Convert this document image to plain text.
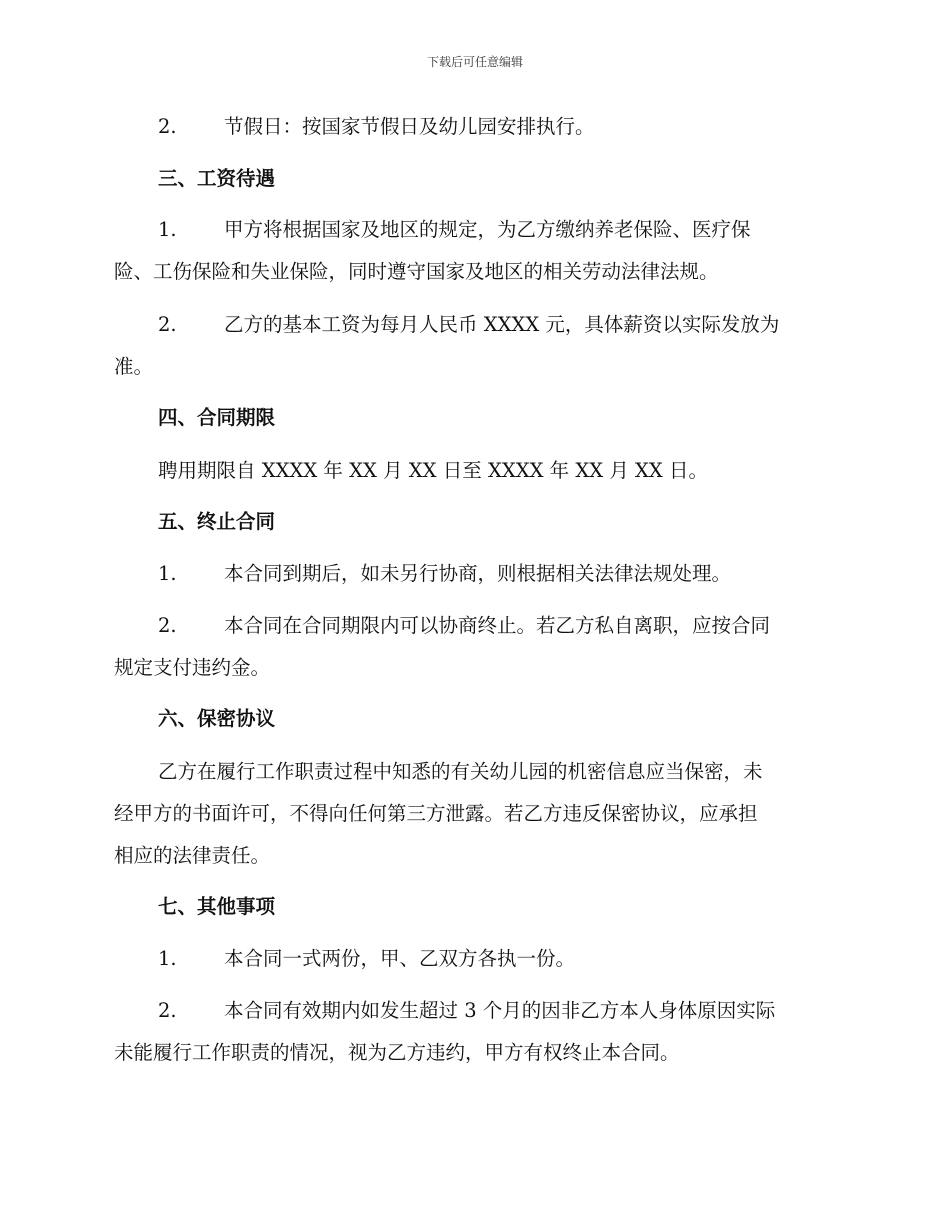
下载后可任意编辑
2. 节假日：按国家节假日及幼儿园安排执行。
三、工资待遇
1. 甲方将根据国家及地区的规定，为乙方缴纳养老保险、医疗保
险、工伤保险和失业保险，同时遵守国家及地区的相关劳动法律法规。
2. 乙方的基本工资为每月人民币 XXXX 元，具体薪资以实际发放为
准。
四、合同期限
聘用期限自 XXXX 年 XX 月 XX 日至 XXXX 年 XX 月 XX 日。
五、终止合同
1. 本合同到期后，如未另行协商，则根据相关法律法规处理。
2. 本合同在合同期限内可以协商终止。若乙方私自离职，应按合同
规定支付违约金。
六、保密协议
乙方在履行工作职责过程中知悉的有关幼儿园的机密信息应当保密，未
经甲方的书面许可，不得向任何第三方泄露。若乙方违反保密协议，应承担
相应的法律责任。
七、其他事项
1. 本合同一式两份，甲、乙双方各执一份。
2. 本合同有效期内如发生超过 3 个月的因非乙方本人身体原因实际
未能履行工作职责的情况，视为乙方违约，甲方有权终止本合同。
